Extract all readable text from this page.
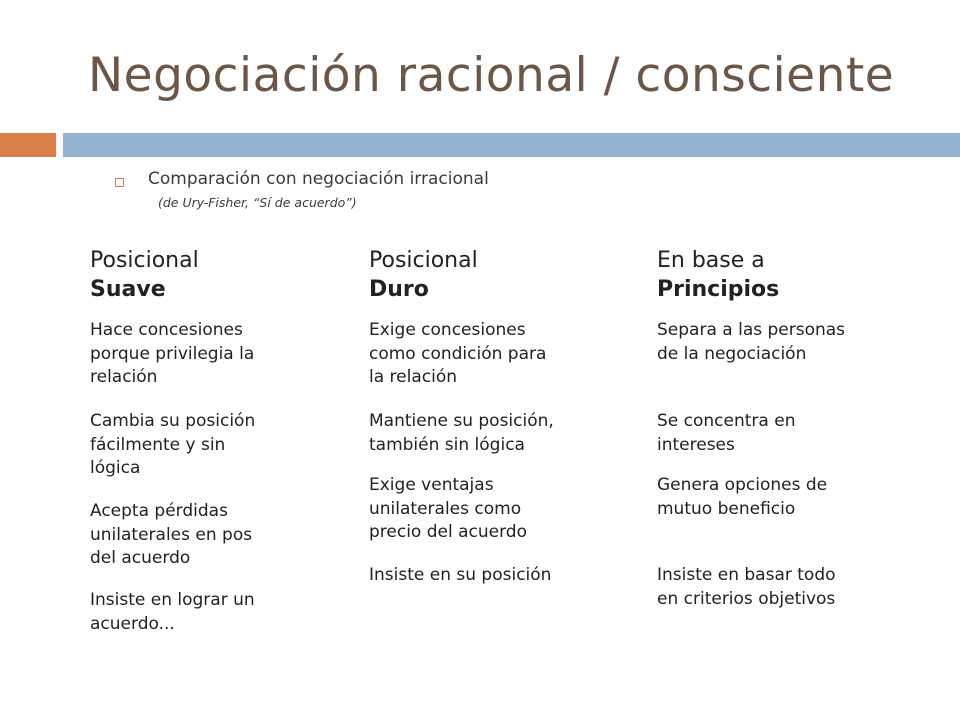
Negociación racional / consciente
Comparación con negociación irracional
(de Ury-Fisher, “Sí de acuerdo”)
Posicional
Suave
Hace concesiones
porque privilegia la
relación
Cambia su posición
fácilmente y sin
lógica
Acepta pérdidas
unilaterales en pos
del acuerdo
Insiste en lograr un
acuerdo...
Posicional
Duro
Exige concesiones
como condición para
la relación
Mantiene su posición,
también sin lógica
Exige ventajas
unilaterales como
precio del acuerdo
Insiste en su posición
En base a
Principios
Separa a las personas
de la negociación
Se concentra en
intereses
Genera opciones de
mutuo beneficio
Insiste en basar todo
en criterios objetivos
